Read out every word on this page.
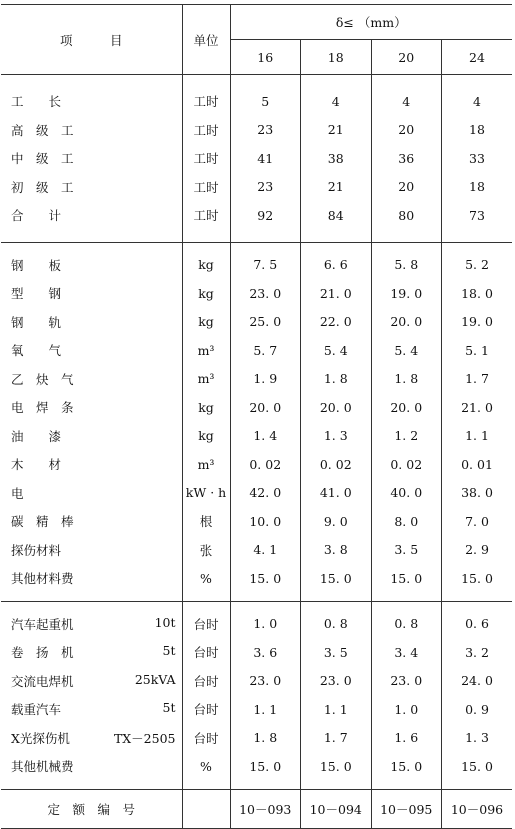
项　　　目	单位	δ≤ （mm）			
		16	18	20	24

工　　长	工时	5	4	4	4

高　级　工	工时	23	21	20	18

中　级　工	工时	41	38	36	33

初　级　工	工时	23	21	20	18

合　　计	工时	92	84	80	73

钢　　板	kg	7. 5	6. 6	5. 8	5. 2

型　　钢	kg	23. 0	21. 0	19. 0	18. 0

钢　　轨	kg	25. 0	22. 0	20. 0	19. 0

氧　　气	m³	5. 7	5. 4	5. 4	5. 1

乙　炔　气	m³	1. 9	1. 8	1. 8	1. 7

电　焊　条	kg	20. 0	20. 0	20. 0	21. 0

油　　漆	kg	1. 4	1. 3	1. 2	1. 1

木　　材	m³	0. 02	0. 02	0. 02	0. 01

电	kW · h	42. 0	41. 0	40. 0	38. 0

碳　精　棒	根	10. 0	9. 0	8. 0	7. 0

探伤材料	张	4. 1	3. 8	3. 5	2. 9

其他材料费	%	15. 0	15. 0	15. 0	15. 0

汽车起重机 10t	台时	1. 0	0. 8	0. 8	0. 6

卷　扬　机 5t	台时	3. 6	3. 5	3. 4	3. 2

交流电焊机 25kVA	台时	23. 0	23. 0	23. 0	24. 0

载重汽车 5t	台时	1. 1	1. 1	1. 0	0. 9

X光探伤机 TX－2505	台时	1. 8	1. 7	1. 6	1. 3

其他机械费	%	15. 0	15. 0	15. 0	15. 0
定　额　编　号		10－093	10－094	10－095	10－096
